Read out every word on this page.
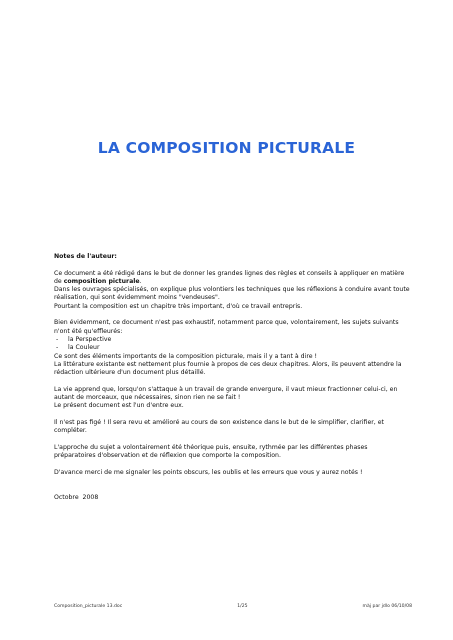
LA COMPOSITION PICTURALE

Notes de l'auteur:

Ce document a été rédigé dans le but de donner les grandes lignes des règles et conseils à appliquer en matière

de composition picturale.

Dans les ouvrages spécialisés, on explique plus volontiers les techniques que les réflexions à conduire avant toute

réalisation, qui sont évidemment moins "vendeuses".

Pourtant la composition est un chapitre très important, d'où ce travail entrepris.

Bien évidemment, ce document n'est pas exhaustif, notamment parce que, volontairement, les sujets suivants

n'ont été qu'effleurés:

- la Perspective

- la Couleur

Ce sont des éléments importants de la composition picturale, mais il y a tant à dire !

La littérature existante est nettement plus fournie à propos de ces deux chapitres. Alors, ils peuvent attendre la

rédaction ultérieure d'un document plus détaillé.

La vie apprend que, lorsqu'on s'attaque à un travail de grande envergure, il vaut mieux fractionner celui-ci, en

autant de morceaux, que nécessaires, sinon rien ne se fait !

Le présent document est l'un d'entre eux.

Il n'est pas figé ! Il sera revu et amélioré au cours de son existence dans le but de le simplifier, clarifier, et

compléter.

L'approche du sujet a volontairement été théorique puis, ensuite, rythmée par les différentes phases

préparatoires d'observation et de réflexion que comporte la composition.

D'avance merci de me signaler les points obscurs, les oublis et les erreurs que vous y aurez notés !

Octobre  2008

Composition_picturale 13.doc	1/25	màj par jdlo 06/10/08
